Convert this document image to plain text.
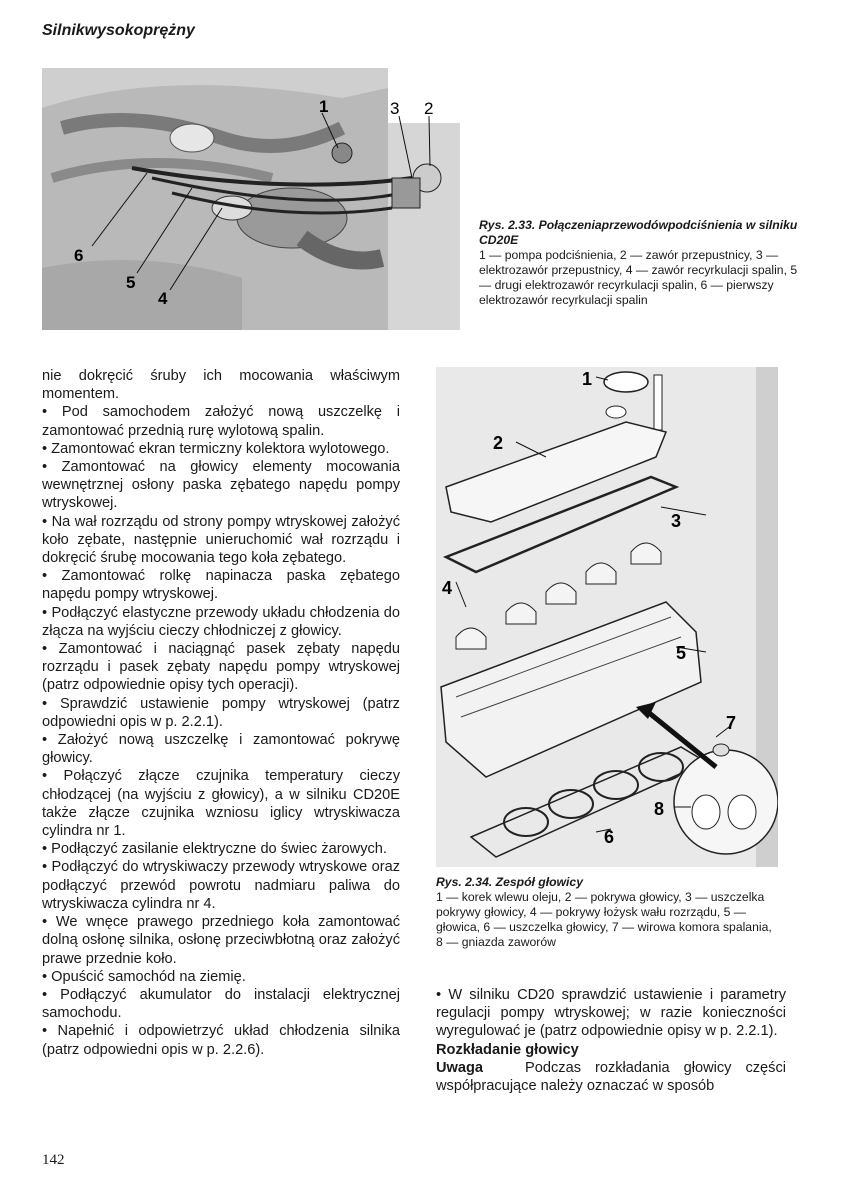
Silnikwysokoprężny
1	3 2
6
5
4
Rys. 2.33. Połączeniaprzewodówpodciśnienia w silniku CD20E
1 — pompa podciśnienia, 2 — zawór przepustnicy, 3 — elektrozawór przepustnicy, 4 — zawór recyrkulacji spalin, 5 — drugi elektrozawór recyrkulacji spalin, 6 — pierwszy elektrozawór recyrkulacji spalin
1
2
3
4
5
7
8
6
Rys. 2.34. Zespół głowicy
1 — korek wlewu oleju, 2 — pokrywa głowicy, 3 — uszczelka pokrywy głowicy, 4 — pokrywy łożysk wału rozrządu, 5 — głowica, 6 — uszczelka głowicy, 7 — wirowa komora spalania, 8 — gniazda zaworów

nie dokręcić śruby ich mocowania właściwym momentem.

• Pod samochodem założyć nową uszczelkę i zamontować przednią rurę wylotową spalin.

• Zamontować ekran termiczny kolektora wylotowego.

• Zamontować na głowicy elementy mocowania wewnętrznej osłony paska zębatego napędu pompy wtryskowej.

• Na wał rozrządu od strony pompy wtryskowej założyć koło zębate, następnie unieruchomić wał rozrządu i dokręcić śrubę mocowania tego koła zębatego.

• Zamontować rolkę napinacza paska zębatego napędu pompy wtryskowej.

• Podłączyć elastyczne przewody układu chłodzenia do złącza na wyjściu cieczy chłodniczej z głowicy.

• Zamontować i naciągnąć pasek zębaty napędu rozrządu i pasek zębaty napędu pompy wtryskowej (patrz odpowiednie opisy tych operacji).

• Sprawdzić ustawienie pompy wtryskowej (patrz odpowiedni opis w p. 2.2.1).

• Założyć nową uszczelkę i zamontować pokrywę głowicy.

• Połączyć złącze czujnika temperatury cieczy chłodzącej (na wyjściu z głowicy), a w silniku CD20E także złącze czujnika wzniosu iglicy wtryskiwacza cylindra nr 1.

• Podłączyć zasilanie elektryczne do świec żarowych.

• Podłączyć do wtryskiwaczy przewody wtryskowe oraz podłączyć przewód powrotu nadmiaru paliwa do wtryskiwacza cylindra nr 4.

• We wnęce prawego przedniego koła zamontować dolną osłonę silnika, osłonę przeciwbłotną oraz założyć prawe przednie koło.

• Opuścić samochód na ziemię.

• Podłączyć akumulator do instalacji elektrycznej samochodu.

• Napełnić i odpowietrzyć układ chłodzenia silnika (patrz odpowiedni opis w p. 2.2.6).

• W silniku CD20 sprawdzić ustawienie i parametry regulacji pompy wtryskowej; w razie konieczności wyregulować je (patrz odpowiednie opisy w p. 2.2.1).

Rozkładanie głowicy

Uwaga	Podczas rozkładania głowicy części współpracujące należy oznaczać w sposób

142
